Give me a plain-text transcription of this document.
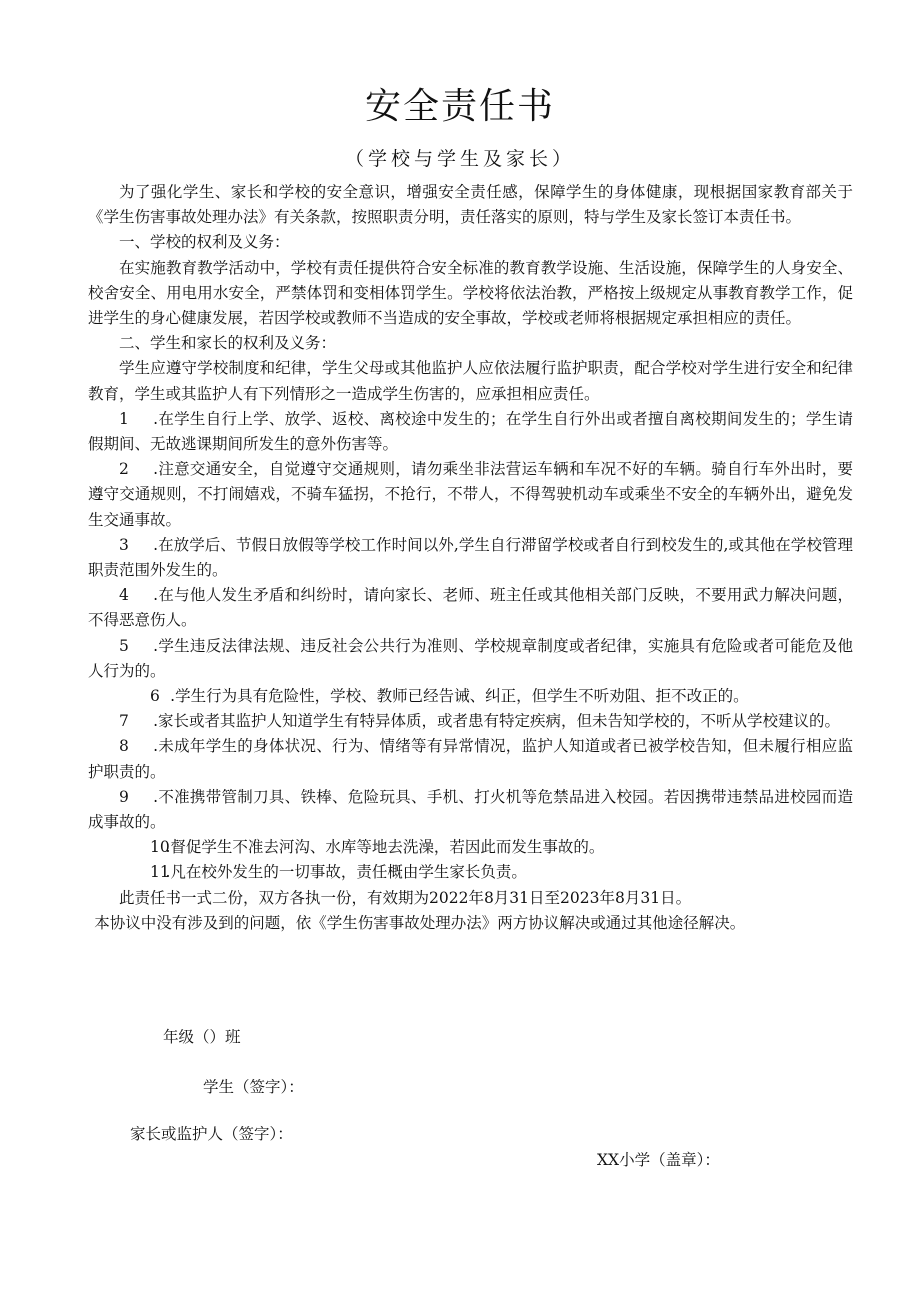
安全责任书
（学校与学生及家长）

为了强化学生、家长和学校的安全意识，增强安全责任感，保障学生的身体健康，现根据国家教育部关于《学生伤害事故处理办法》有关条款，按照职责分明，责任落实的原则，特与学生及家长签订本责任书。

一、学校的权利及义务：

在实施教育教学活动中，学校有责任提供符合安全标准的教育教学设施、生活设施，保障学生的人身安全、校舍安全、用电用水安全，严禁体罚和变相体罚学生。学校将依法治教，严格按上级规定从事教育教学工作，促进学生的身心健康发展，若因学校或教师不当造成的安全事故，学校或老师将根据规定承担相应的责任。

二、学生和家长的权利及义务：

学生应遵守学校制度和纪律，学生父母或其他监护人应依法履行监护职责，配合学校对学生进行安全和纪律教育，学生或其监护人有下列情形之一造成学生伤害的，应承担相应责任。

1 .在学生自行上学、放学、返校、离校途中发生的；在学生自行外出或者擅自离校期间发生的；学生请假期间、无故逃课期间所发生的意外伤害等。

2 .注意交通安全，自觉遵守交通规则，请勿乘坐非法营运车辆和车况不好的车辆。骑自行车外出时，要遵守交通规则，不打闹嬉戏，不骑车猛拐，不抢行，不带人，不得驾驶机动车或乘坐不安全的车辆外出，避免发生交通事故。

3 .在放学后、节假日放假等学校工作时间以外,学生自行滞留学校或者自行到校发生的,或其他在学校管理职责范围外发生的。

4 .在与他人发生矛盾和纠纷时，请向家长、老师、班主任或其他相关部门反映，不要用武力解决问题，不得恶意伤人。

5 .学生违反法律法规、违反社会公共行为准则、学校规章制度或者纪律，实施具有危险或者可能危及他人行为的。

6 .学生行为具有危险性，学校、教师已经告诫、纠正，但学生不听劝阻、拒不改正的。

7 .家长或者其监护人知道学生有特异体质，或者患有特定疾病，但未告知学校的，不听从学校建议的。

8 .未成年学生的身体状况、行为、情绪等有异常情况，监护人知道或者已被学校告知，但未履行相应监护职责的。

9 .不准携带管制刀具、铁棒、危险玩具、手机、打火机等危禁品进入校园。若因携带违禁品进校园而造成事故的。

10.督促学生不准去河沟、水库等地去洗澡，若因此而发生事故的。

11.凡在校外发生的一切事故，责任概由学生家长负责。

此责任书一式二份，双方各执一份，有效期为2022年8月31日至2023年8月31日。

本协议中没有涉及到的问题，依《学生伤害事故处理办法》两方协议解决或通过其他途径解决。

年级（）班
学生（签字）：
家长或监护人（签字）：
XX小学（盖章）：
